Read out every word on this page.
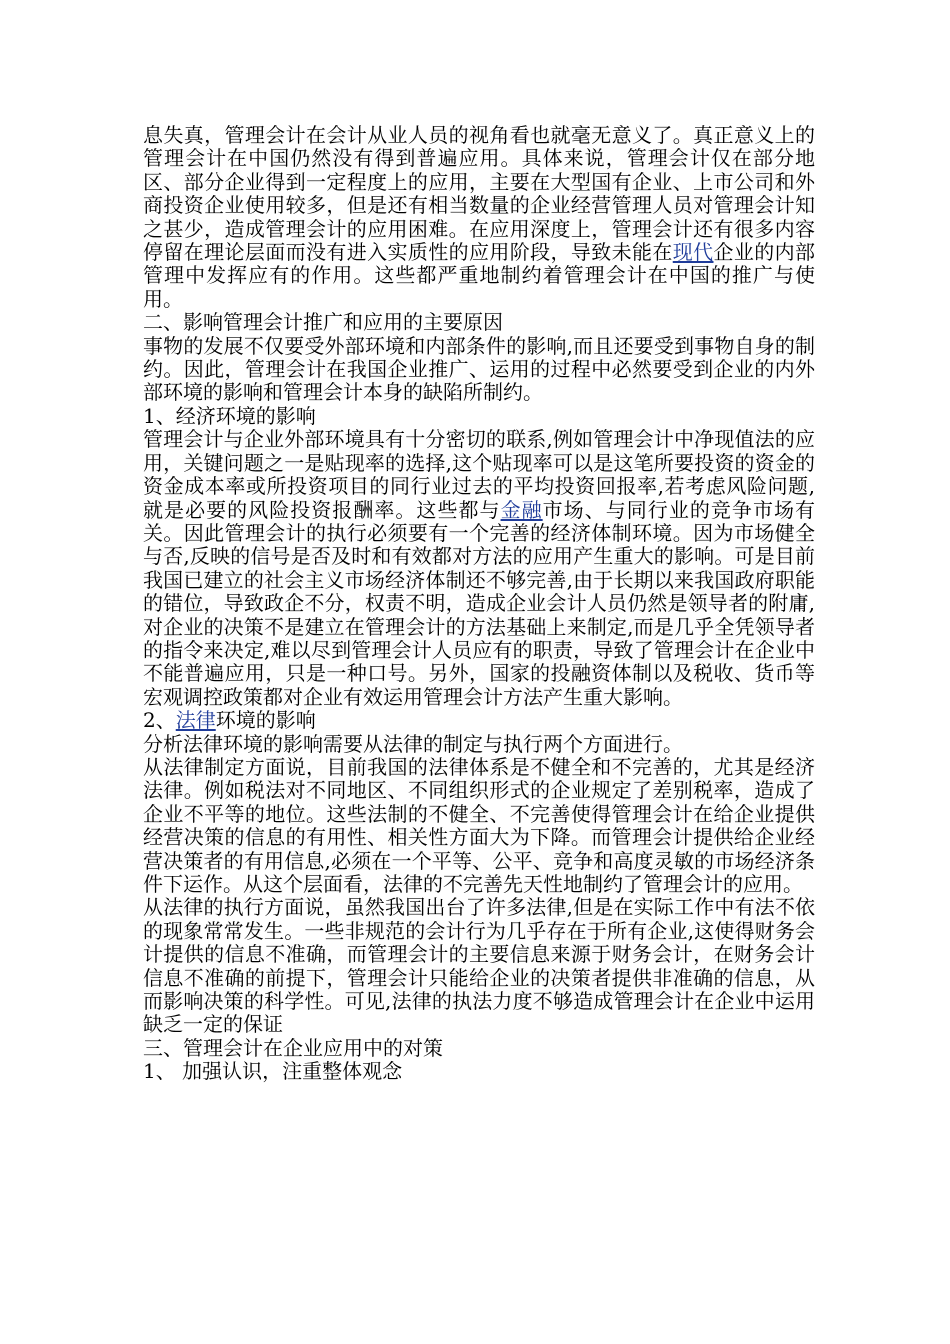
息失真，管理会计在会计从业人员的视角看也就毫无意义了。真正意义上的管理会计在中国仍然没有得到普遍应用。具体来说，管理会计仅在部分地区、部分企业得到一定程度上的应用，主要在大型国有企业、上市公司和外商投资企业使用较多，但是还有相当数量的企业经营管理人员对管理会计知之甚少，造成管理会计的应用困难。在应用深度上，管理会计还有很多内容停留在理论层面而没有进入实质性的应用阶段，导致未能在现代企业的内部管理中发挥应有的作用。这些都严重地制约着管理会计在中国的推广与使用。

二、影响管理会计推广和应用的主要原因

事物的发展不仅要受外部环境和内部条件的影响,而且还要受到事物自身的制约。因此，管理会计在我国企业推广、运用的过程中必然要受到企业的内外部环境的影响和管理会计本身的缺陷所制约。

1、经济环境的影响

管理会计与企业外部环境具有十分密切的联系,例如管理会计中净现值法的应用，关键问题之一是贴现率的选择,这个贴现率可以是这笔所要投资的资金的资金成本率或所投资项目的同行业过去的平均投资回报率,若考虑风险问题,就是必要的风险投资报酬率。这些都与金融市场、与同行业的竞争市场有关。因此管理会计的执行必须要有一个完善的经济体制环境。因为市场健全与否,反映的信号是否及时和有效都对方法的应用产生重大的影响。可是目前我国已建立的社会主义市场经济体制还不够完善,由于长期以来我国政府职能的错位，导致政企不分，权责不明，造成企业会计人员仍然是领导者的附庸,对企业的决策不是建立在管理会计的方法基础上来制定,而是几乎全凭领导者的指令来决定,难以尽到管理会计人员应有的职责，导致了管理会计在企业中不能普遍应用，只是一种口号。另外，国家的投融资体制以及税收、货币等宏观调控政策都对企业有效运用管理会计方法产生重大影响。

2、法律环境的影响

分析法律环境的影响需要从法律的制定与执行两个方面进行。

从法律制定方面说，目前我国的法律体系是不健全和不完善的，尤其是经济法律。例如税法对不同地区、不同组织形式的企业规定了差别税率，造成了企业不平等的地位。这些法制的不健全、不完善使得管理会计在给企业提供经营决策的信息的有用性、相关性方面大为下降。而管理会计提供给企业经营决策者的有用信息,必须在一个平等、公平、竞争和高度灵敏的市场经济条件下运作。从这个层面看，法律的不完善先天性地制约了管理会计的应用。

从法律的执行方面说，虽然我国出台了许多法律,但是在实际工作中有法不依的现象常常发生。一些非规范的会计行为几乎存在于所有企业,这使得财务会计提供的信息不准确，而管理会计的主要信息来源于财务会计，在财务会计信息不准确的前提下，管理会计只能给企业的决策者提供非准确的信息，从而影响决策的科学性。可见,法律的执法力度不够造成管理会计在企业中运用缺乏一定的保证

三、管理会计在企业应用中的对策

1、 加强认识，注重整体观念
